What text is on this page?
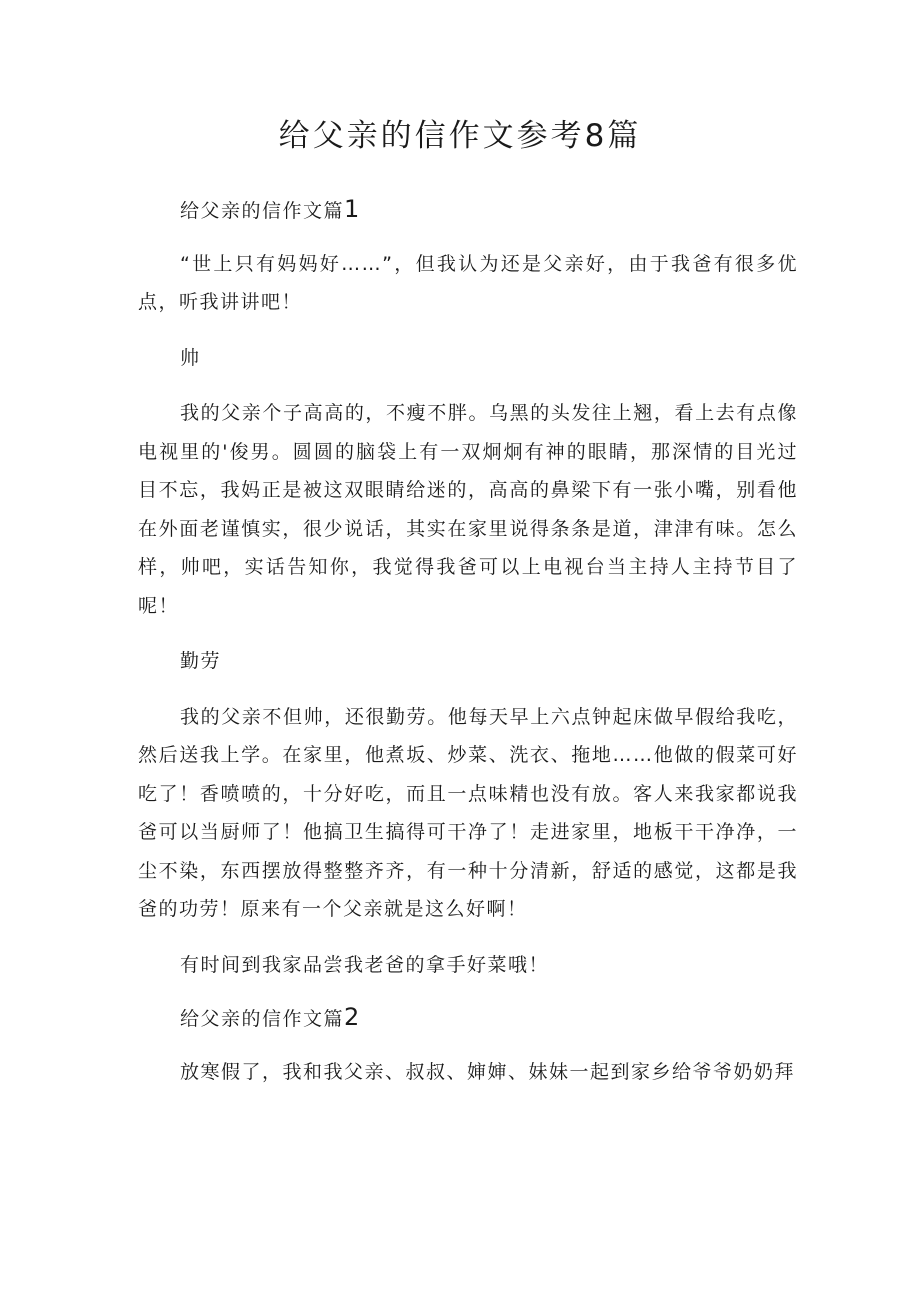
给父亲的信作文参考8篇

给父亲的信作文篇1

“世上只有妈妈好……”，但我认为还是父亲好，由于我爸有很多优点，听我讲讲吧！

帅

我的父亲个子高高的，不瘦不胖。乌黑的头发往上翘，看上去有点像电视里的'俊男。圆圆的脑袋上有一双炯炯有神的眼睛，那深情的目光过目不忘，我妈正是被这双眼睛给迷的，高高的鼻梁下有一张小嘴，别看他在外面老谨慎实，很少说话，其实在家里说得条条是道，津津有味。怎么样，帅吧，实话告知你，我觉得我爸可以上电视台当主持人主持节目了呢！

勤劳

我的父亲不但帅，还很勤劳。他每天早上六点钟起床做早假给我吃，然后送我上学。在家里，他煮坂、炒菜、洗衣、拖地……他做的假菜可好吃了！香喷喷的，十分好吃，而且一点味精也没有放。客人来我家都说我爸可以当厨师了！他搞卫生搞得可干净了！走进家里，地板干干净净，一尘不染，东西摆放得整整齐齐，有一种十分清新，舒适的感觉，这都是我爸的功劳！原来有一个父亲就是这么好啊！

有时间到我家品尝我老爸的拿手好菜哦！

给父亲的信作文篇2

放寒假了，我和我父亲、叔叔、婶婶、妹妹一起到家乡给爷爷奶奶拜
